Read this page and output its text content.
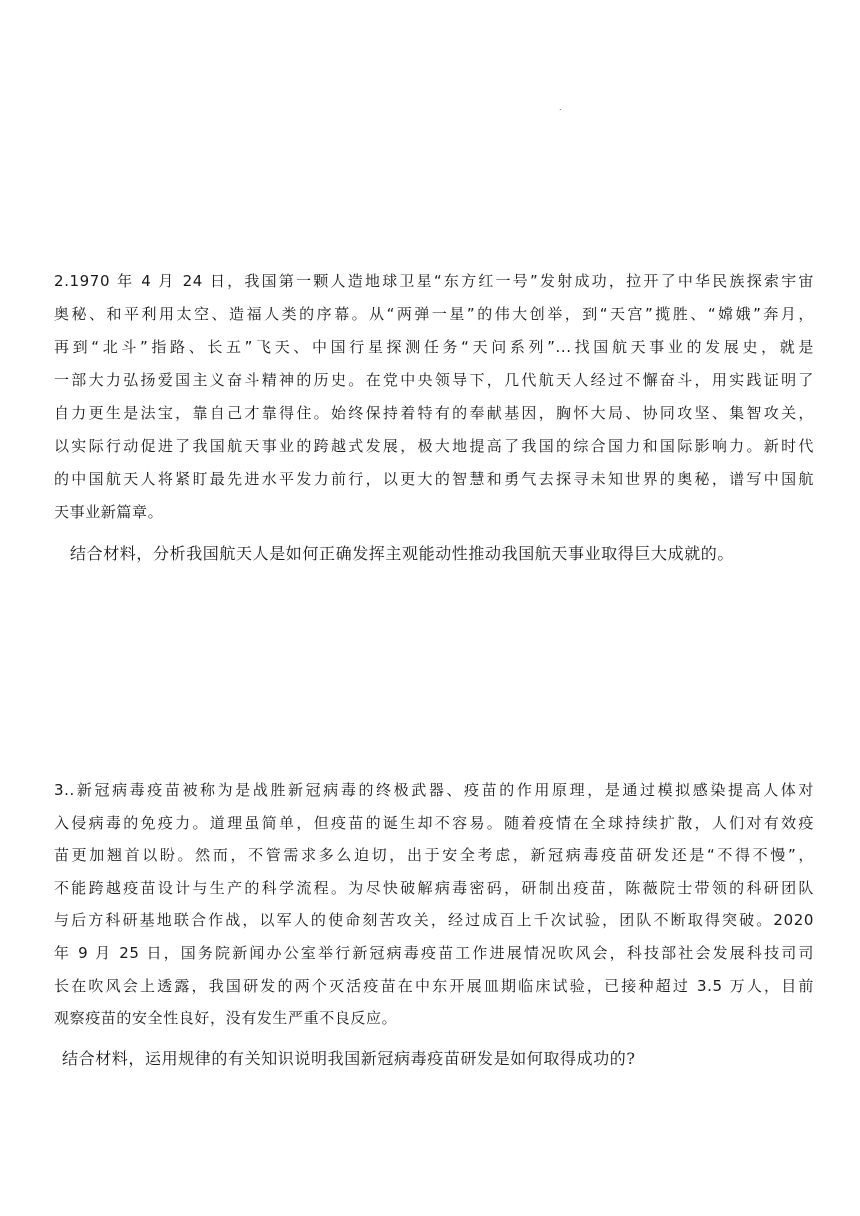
.
2.1970 年 4 月 24 日，我国第一颗人造地球卫星“东方红一号”发射成功，拉开了中华民族探索宇宙
奥秘、和平利用太空、造福人类的序幕。从“两弹一星”的伟大创举，到“天宫”揽胜、“嫦娥”奔月，
再到“北斗”指路、长五”飞天、中国行星探测任务“天问系列”...找国航天事业的发展史，就是
一部大力弘扬爱国主义奋斗精神的历史。在党中央领导下，几代航天人经过不懈奋斗，用实践证明了
自力更生是法宝，靠自己才靠得住。始终保持着特有的奉献基因，胸怀大局、协同攻坚、集智攻关，
以实际行动促进了我国航天事业的跨越式发展，极大地提高了我国的综合国力和国际影响力。新时代
的中国航天人将紧盯最先进水平发力前行，以更大的智慧和勇气去探寻未知世界的奥秘，谱写中国航
天事业新篇章。
结合材料，分析我国航天人是如何正确发挥主观能动性推动我国航天事业取得巨大成就的。
3..新冠病毒疫苗被称为是战胜新冠病毒的终极武器、疫苗的作用原理，是通过模拟感染提高人体对
入侵病毒的免疫力。道理虽简单，但疫苗的诞生却不容易。随着疫情在全球持续扩散，人们对有效疫
苗更加翘首以盼。然而，不管需求多么迫切，出于安全考虑，新冠病毒疫苗研发还是“不得不慢”，
不能跨越疫苗设计与生产的科学流程。为尽快破解病毒密码，研制出疫苗，陈薇院士带领的科研团队
与后方科研基地联合作战，以军人的使命刻苦攻关，经过成百上千次试验，团队不断取得突破。2020
年 9 月 25 日，国务院新闻办公室举行新冠病毒疫苗工作进展情况吹风会，科技部社会发展科技司司
长在吹风会上透露，我国研发的两个灭活疫苗在中东开展皿期临床试验，已接种超过 3.5 万人，目前
观察疫苗的安全性良好，没有发生严重不良反应。
结合材料，运用规律的有关知识说明我国新冠病毒疫苗研发是如何取得成功的?
